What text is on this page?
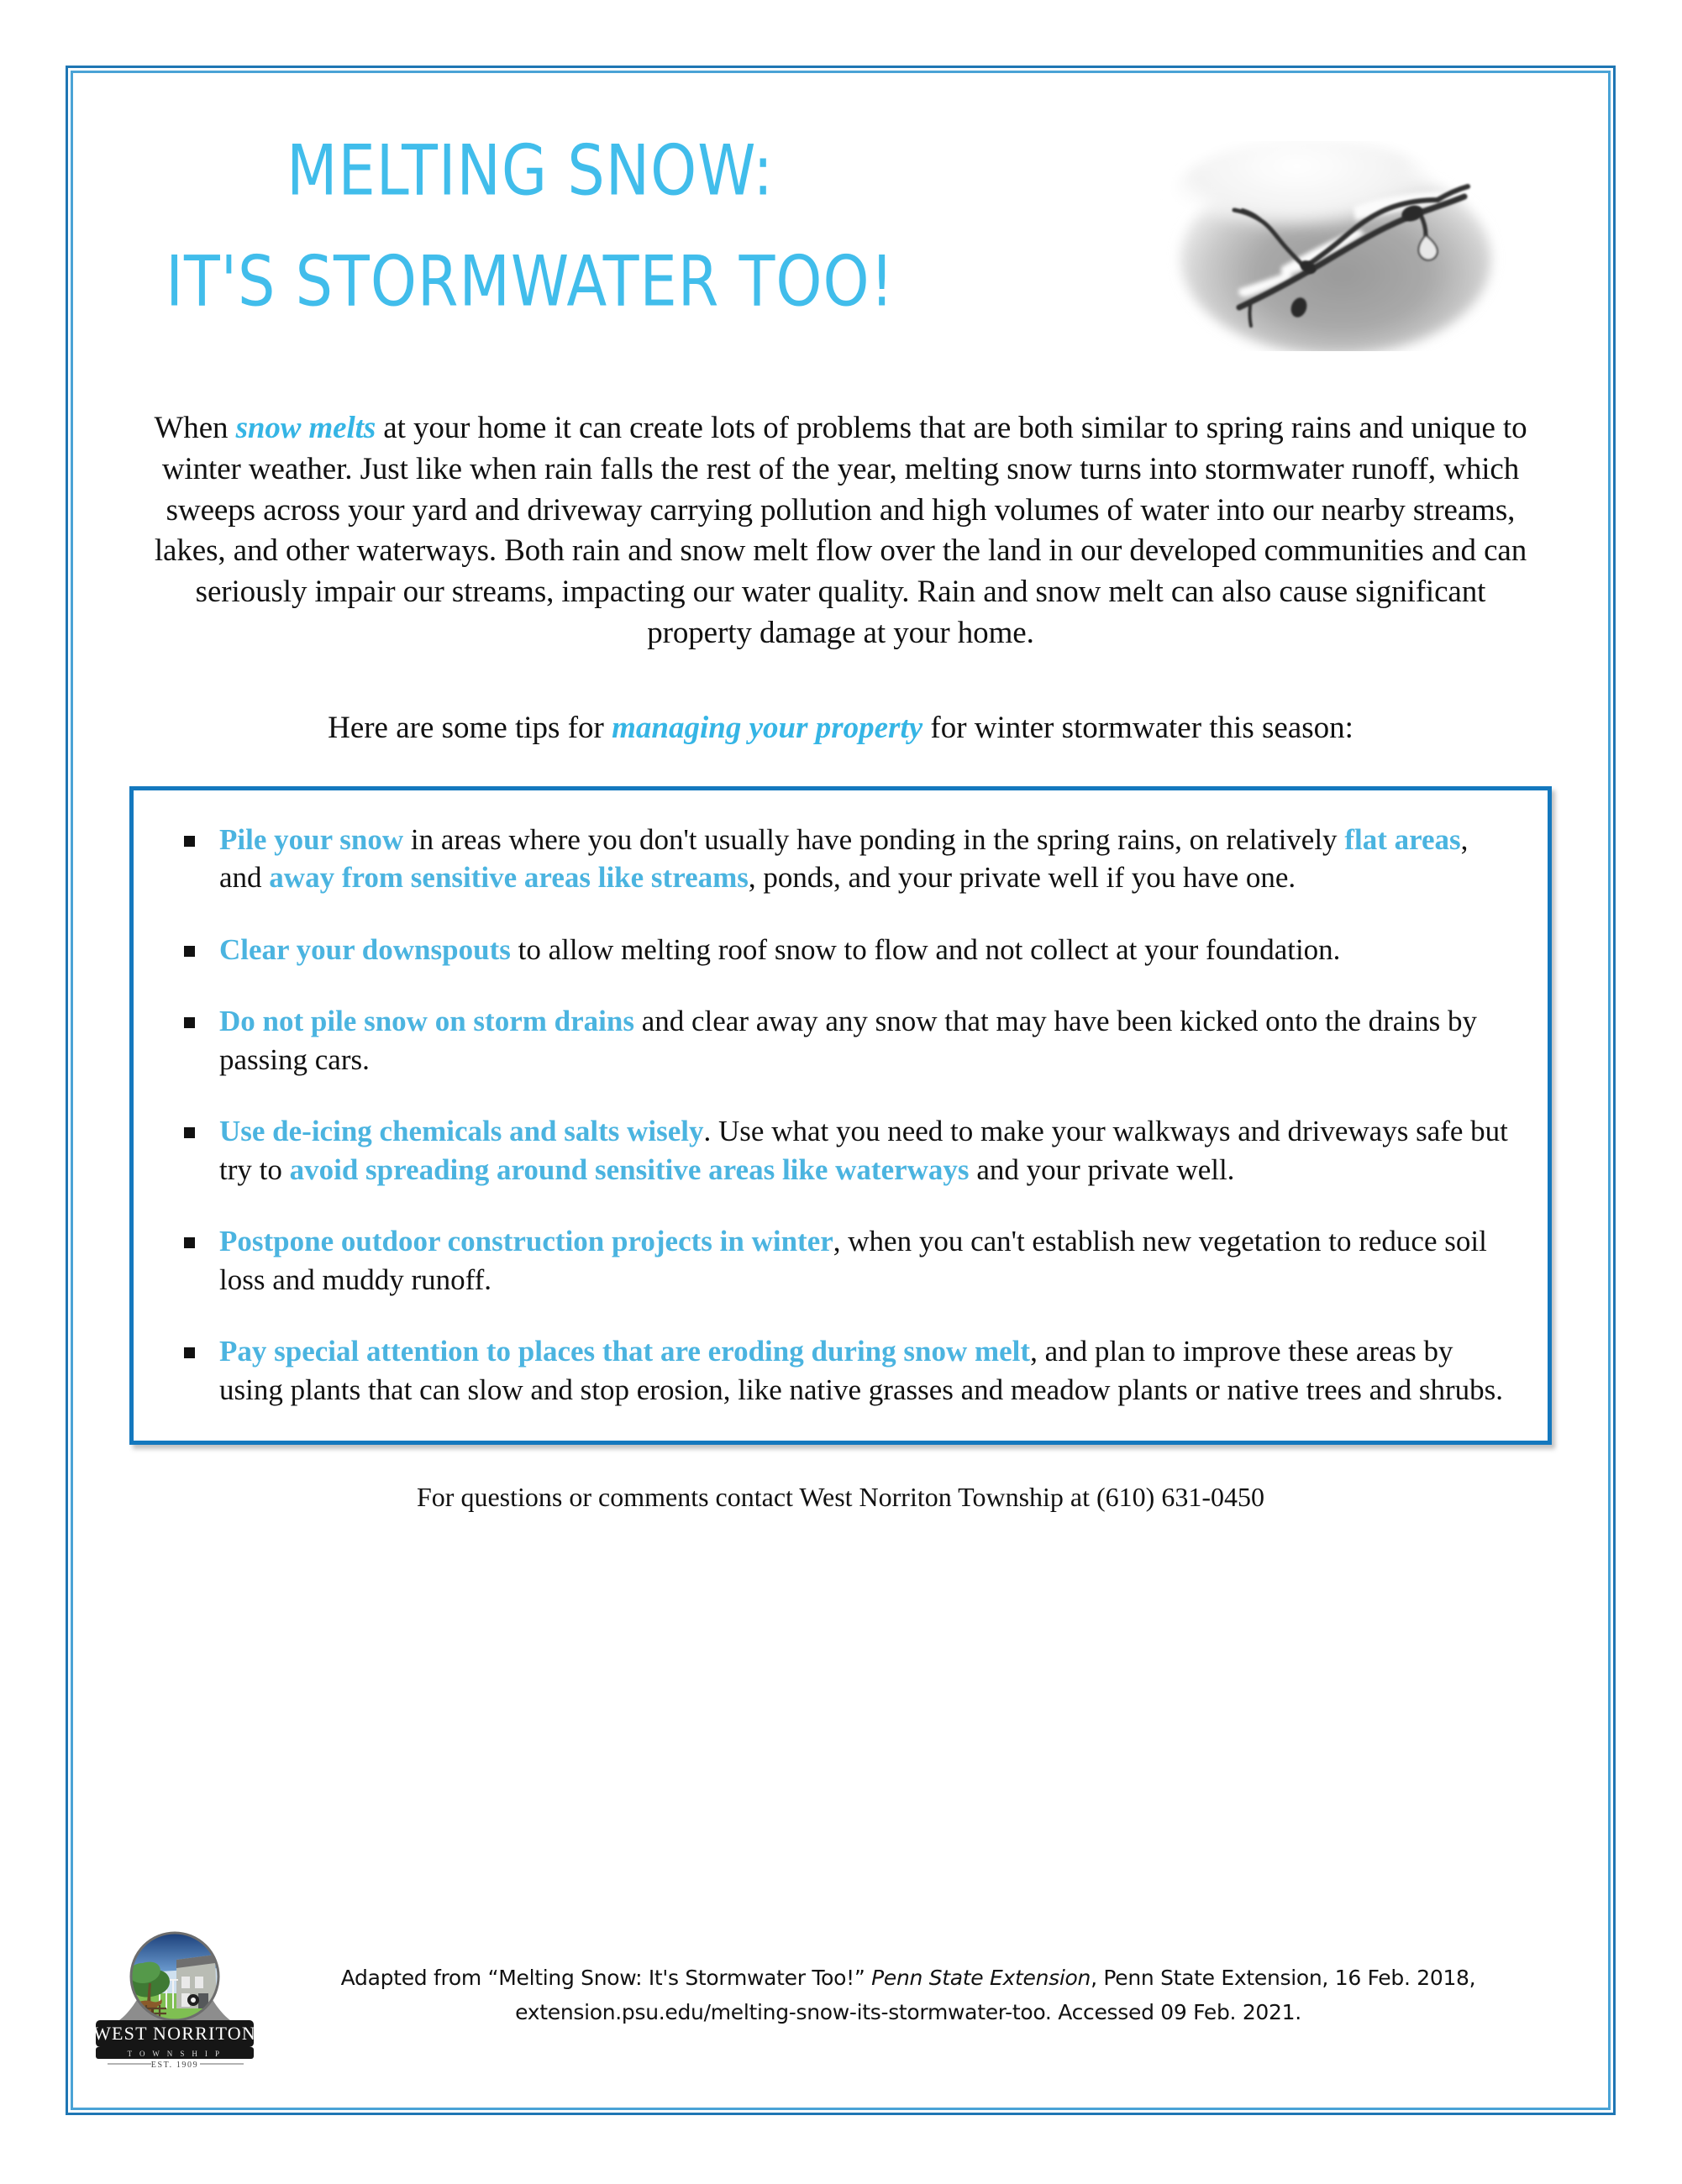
MELTING SNOW:
IT'S STORMWATER TOO!

When snow melts at your home it can create lots of problems that are both similar to spring rains and unique to winter weather. Just like when rain falls the rest of the year, melting snow turns into stormwater runoff, which sweeps across your yard and driveway carrying pollution and high volumes of water into our nearby streams, lakes, and other waterways. Both rain and snow melt flow over the land in our developed communities and can seriously impair our streams, impacting our water quality. Rain and snow melt can also cause significant property damage at your home.

Here are some tips for managing your property for winter stormwater this season:

Pile your snow in areas where you don't usually have ponding in the spring rains, on relatively flat areas, and away from sensitive areas like streams, ponds, and your private well if you have one.
Clear your downspouts to allow melting roof snow to flow and not collect at your foundation.
Do not pile snow on storm drains and clear away any snow that may have been kicked onto the drains by passing cars.
Use de-icing chemicals and salts wisely. Use what you need to make your walkways and driveways safe but try to avoid spreading around sensitive areas like waterways and your private well.
Postpone outdoor construction projects in winter, when you can't establish new vegetation to reduce soil loss and muddy runoff.
Pay special attention to places that are eroding during snow melt, and plan to improve these areas by using plants that can slow and stop erosion, like native grasses and meadow plants or native trees and shrubs.

For questions or comments contact West Norriton Township at (610) 631-0450

WEST NORRITON
T O W N S H I P
EST. 1909
Adapted from “Melting Snow: It's Stormwater Too!” Penn State Extension, Penn State Extension, 16 Feb. 2018,
extension.psu.edu/melting-snow-its-stormwater-too. Accessed 09 Feb. 2021.
